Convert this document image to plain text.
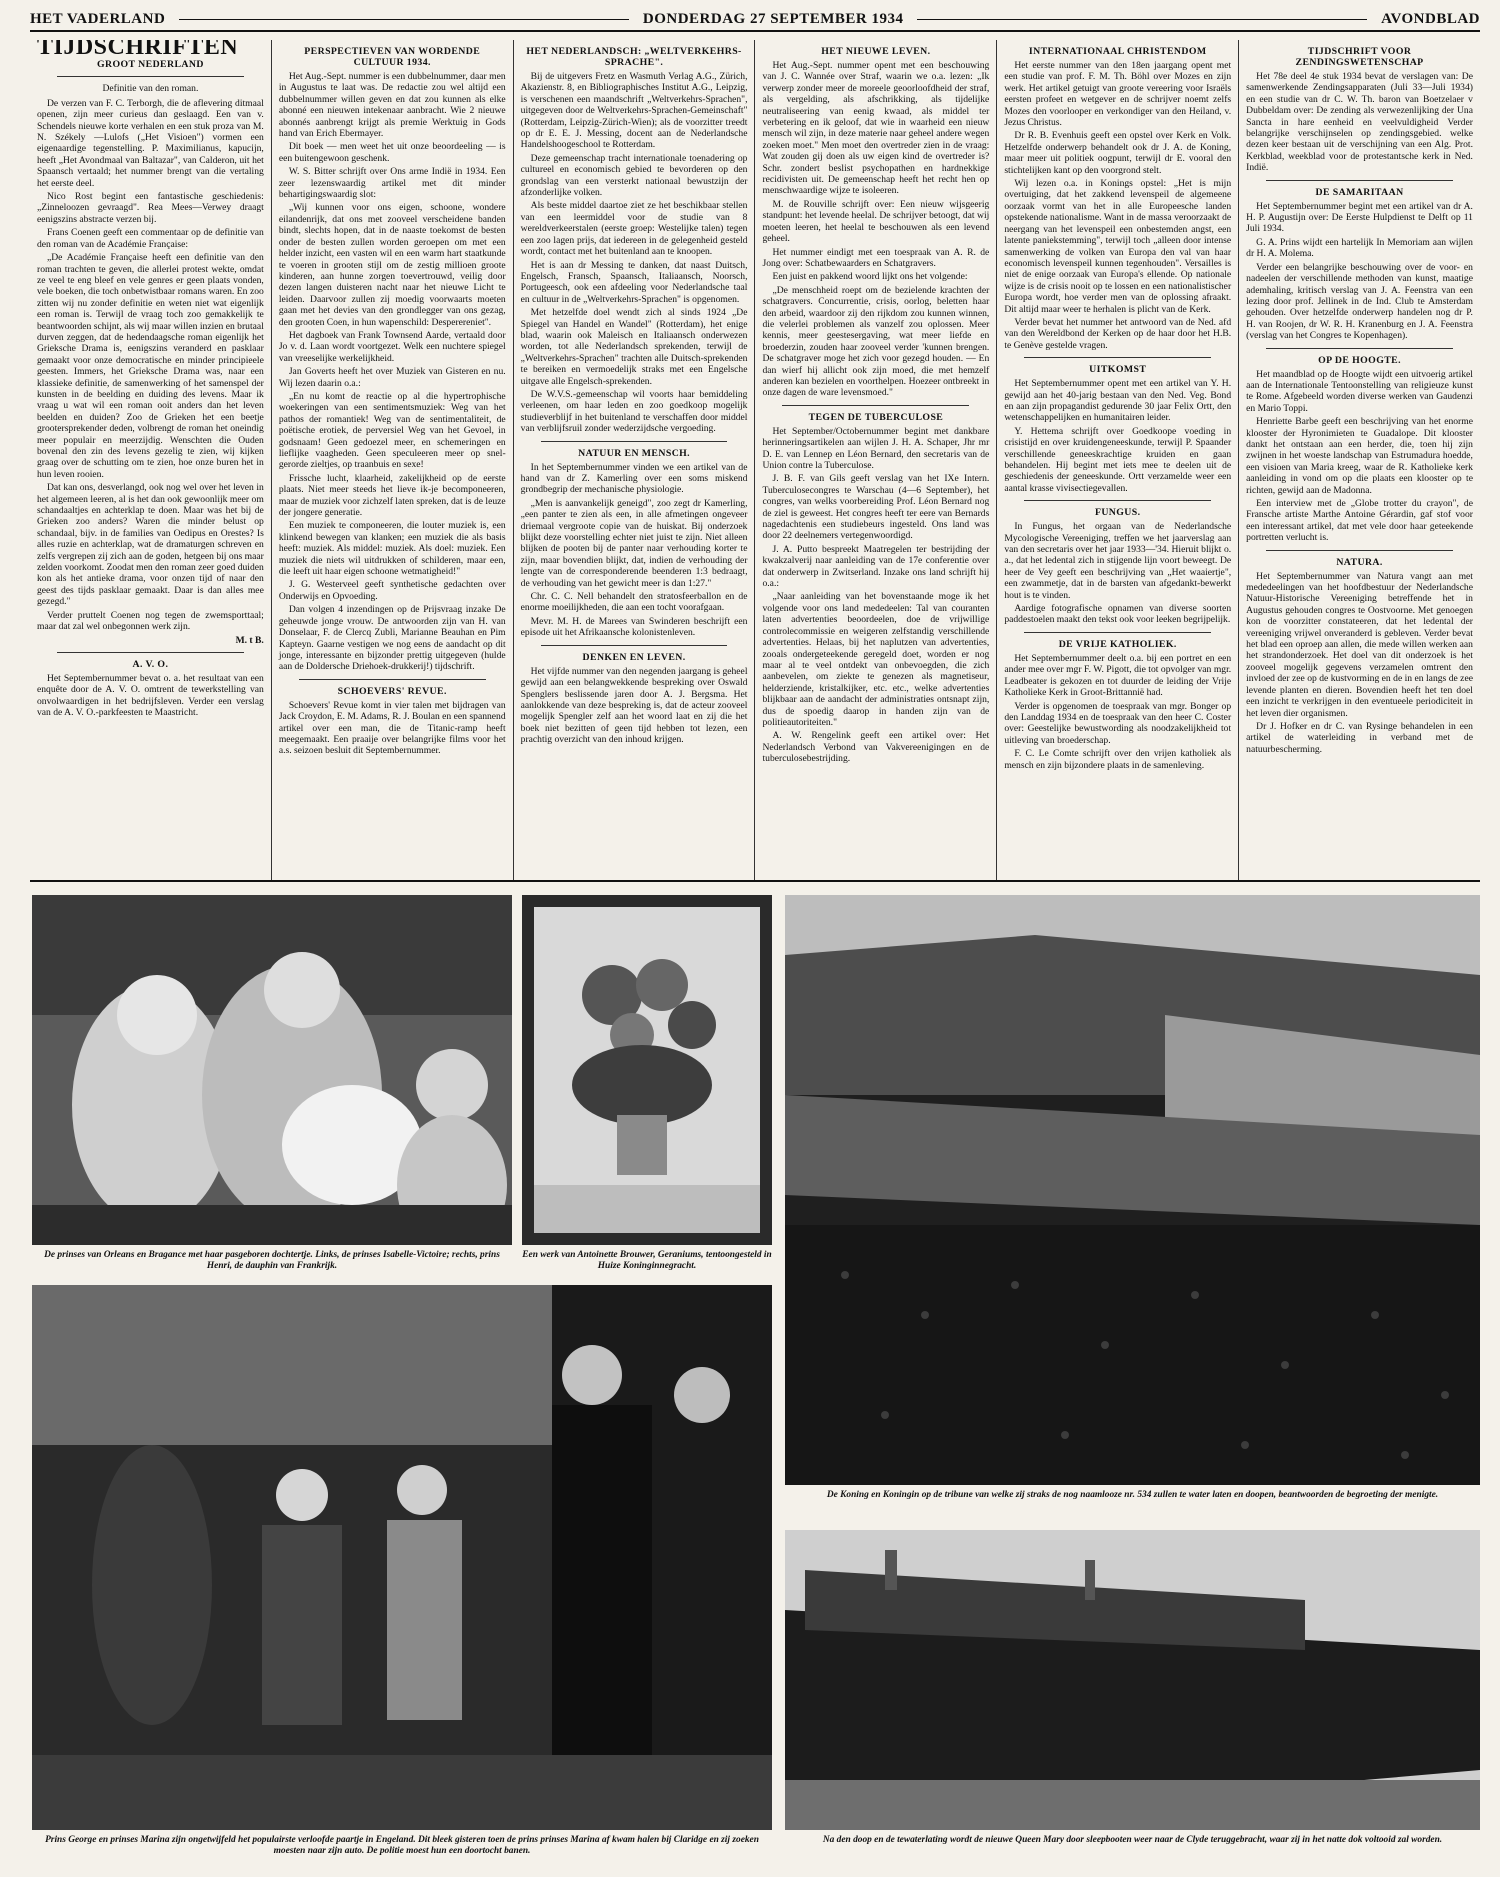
HET VADERLAND	DONDERDAG 27 SEPTEMBER 1934	AVONDBLAD
TIJDSCHRIFTEN
GROOT NEDERLAND
Definitie van den roman.

De verzen van F. C. Terborgh, die de aflevering ditmaal openen, zijn meer curieus dan geslaagd. Een van v. Schendels nieuwe korte verhalen en een stuk proza van M. N. Székely —Lulofs („Het Visioen") vormen een eigenaardige tegenstelling. P. Maximilianus, kapucijn, heeft „Het Avondmaal van Baltazar", van Calderon, uit het Spaansch vertaald; het nummer brengt van die vertaling het eerste deel.

Nico Rost begint een fantastische geschiedenis: „Zinneloozen gevraagd". Rea Mees—Verwey draagt eenigszins abstracte verzen bij.

Frans Coenen geeft een commentaar op de definitie van den roman van de Académie Française:

„De Académie Française heeft een definitie van den roman trachten te geven, die allerlei protest wekte, omdat ze veel te eng bleef en vele genres er geen plaats vonden, vele boeken, die toch onbetwistbaar romans waren. En zoo zitten wij nu zonder definitie en weten niet wat eigenlijk een roman is. Terwijl de vraag toch zoo gemakkelijk te beantwoorden schijnt, als wij maar willen inzien en brutaal durven zeggen, dat de hedendaagsche roman eigenlijk het Grieksche Drama is, eenigszins veranderd en pasklaar gemaakt voor onze democratische en minder principieele geesten. Immers, het Grieksche Drama was, naar een klassieke definitie, de samenwerking of het samenspel der kunsten in de beelding en duiding des levens. Maar ik vraag u wat wil een roman ooit anders dan het leven beelden en duiden? Zoo de Grieken het een beetje grootersprekender deden, volbrengt de roman het oneindig meer populair en meerzijdig. Wenschten die Ouden bovenal den zin des levens gezelig te zien, wij kijken graag over de schutting om te zien, hoe onze buren het in hun leven rooien.

Dat kan ons, desverlangd, ook nog wel over het leven in het algemeen leeren, al is het dan ook gewoonlijk meer om schandaaltjes en achterklap te doen. Maar was het bij de Grieken zoo anders? Waren die minder belust op schandaal, bijv. in de families van Oedipus en Orestes? Is alles ruzie en achterklap, wat de dramaturgen schreven en zelfs vergrepen zij zich aan de goden, hetgeen bij ons maar zelden voorkomt. Zoodat men den roman zeer goed duiden kon als het antieke drama, voor onzen tijd of naar den geest des tijds pasklaar gemaakt. Daar is dan alles mee gezegd."

Verder pruttelt Coenen nog tegen de zwemsporttaal; maar dat zal wel onbegonnen werk zijn.

M. t B.
A. V. O.

Het Septembernummer bevat o. a. het resultaat van een enquête door de A. V. O. omtrent de tewerkstelling van onvolwaardigen in het bedrijfsleven. Verder een verslag van de A. V. O.-parkfeesten te Maastricht.

PERSPECTIEVEN VAN WORDENDE CULTUUR 1934.

Het Aug.-Sept. nummer is een dubbelnummer, daar men in Augustus te laat was. De redactie zou wel altijd een dubbelnummer willen geven en dat zou kunnen als elke abonné een nieuwen intekenaar aanbracht. Wie 2 nieuwe abonnés aanbrengt krijgt als premie Werktuig in Gods hand van Erich Ebermayer.

Dit boek — men weet het uit onze beoordeeling — is een buitengewoon geschenk.

W. S. Bitter schrijft over Ons arme Indië in 1934. Een zeer lezenswaardig artikel met dit minder behartigingswaardig slot:

„Wij kunnen voor ons eigen, schoone, wondere eilandenrijk, dat ons met zooveel verscheidene banden bindt, slechts hopen, dat in de naaste toekomst de besten onder de besten zullen worden geroepen om met een helder inzicht, een vasten wil en een warm hart staatkunde te voeren in grooten stijl om de zestig millioen groote kinderen, aan hunne zorgen toevertrouwd, veilig door dezen langen duisteren nacht naar het nieuwe Licht te leiden. Daarvoor zullen zij moedig voorwaarts moeten gaan met het devies van den grondlegger van ons gezag, den grooten Coen, in hun wapenschild: Desperereniet".

Het dagboek van Frank Townsend Aarde, vertaald door Jo v. d. Laan wordt voortgezet. Welk een nuchtere spiegel van vreeselijke werkelijkheid.

Jan Goverts heeft het over Muziek van Gisteren en nu. Wij lezen daarin o.a.:

„En nu komt de reactie op al die hypertrophische woekeringen van een sentimentsmuziek: Weg van het pathos der romantiek! Weg van de sentimentaliteit, de poëtische erotiek, de perversiel Weg van het Gevoel, in godsnaam! Geen gedoezel meer, en schemeringen en lieflijke vaagheden. Geen speculeeren meer op snel-gerorde zieltjes, op traanbuis en sexe!

Frissche lucht, klaarheid, zakelijkheid op de eerste plaats. Niet meer steeds het lieve ik-je becomponeeren, maar de muziek voor zichzelf laten spreken, dat is de leuze der jongere generatie.

Een muziek te componeeren, die louter muziek is, een klinkend bewegen van klanken; een muziek die als basis heeft: muziek. Als middel: muziek. Als doel: muziek. Een muziek die niets wil uitdrukken of schilderen, maar een, die leeft uit haar eigen schoone wetmatigheid!"

J. G. Westerveel geeft synthetische gedachten over Onderwijs en Opvoeding.

Dan volgen 4 inzendingen op de Prijsvraag inzake De geheuwde jonge vrouw. De antwoorden zijn van H. van Donselaar, F. de Clercq Zubli, Marianne Beauhan en Pim Kapteyn. Gaarne vestigen we nog eens de aandacht op dit jonge, interessante en bijzonder prettig uitgegeven (hulde aan de Doldersche Driehoek-drukkerij!) tijdschrift.

SCHOEVERS' REVUE.

Schoevers' Revue komt in vier talen met bijdragen van Jack Croydon, E. M. Adams, R. J. Boulan en een spannend artikel over een man, die de Titanic-ramp heeft meegemaakt. Een praaije over belangrijke films voor het a.s. seizoen besluit dit Septembernummer.

HET NEDERLANDSCH: „WELTVERKEHRS-SPRACHE".

Bij de uitgevers Fretz en Wasmuth Verlag A.G., Zürich, Akazienstr. 8, en Bibliographisches Institut A.G., Leipzig, is verschenen een maandschrift „Weltverkehrs-Sprachen", uitgegeven door de Weltverkehrs-Sprachen-Gemeinschaft" (Rotterdam, Leipzig-Zürich-Wien); als de voorzitter treedt op dr E. E. J. Messing, docent aan de Nederlandsche Handelshoogeschool te Rotterdam.

Deze gemeenschap tracht internationale toenadering op cultureel en economisch gebied te bevorderen op den grondslag van een versterkt nationaal bewustzijn der afzonderlijke volken.

Als beste middel daartoe ziet ze het beschikbaar stellen van een leermiddel voor de studie van 8 wereldverkeerstalen (eerste groep: Westelijke talen) tegen een zoo lagen prijs, dat iedereen in de gelegenheid gesteld wordt, contact met het buitenland aan te knoopen.

Het is aan dr Messing te danken, dat naast Duitsch, Engelsch, Fransch, Spaansch, Italiaansch, Noorsch, Portugeesch, ook een afdeeling voor Nederlandsche taal en cultuur in de „Weltverkehrs-Sprachen" is opgenomen.

Met hetzelfde doel wendt zich al sinds 1924 „De Spiegel van Handel en Wandel" (Rotterdam), het enige blad, waarin ook Maleisch en Italiaansch onderwezen worden, tot alle Nederlandsch sprekenden, terwijl de „Weltverkehrs-Sprachen" trachten alle Duitsch-sprekenden te bereiken en vermoedelijk straks met een Engelsche uitgave alle Engelsch-sprekenden.

De W.V.S.-gemeenschap wil voorts haar bemiddeling verleenen, om haar leden en zoo goedkoop mogelijk studieverblijf in het buitenland te verschaffen door middel van verblijfsruil zonder wederzijdsche vergoeding.

NATUUR EN MENSCH.

In het Septembernummer vinden we een artikel van de hand van dr Z. Kamerling over een soms miskend grondbegrip der mechanische physiologie.

„Men is aanvankelijk geneigd", zoo zegt dr Kamerling, „een panter te zien als een, in alle afmetingen ongeveer driemaal vergroote copie van de huiskat. Bij onderzoek blijkt deze voorstelling echter niet juist te zijn. Niet alleen blijken de pooten bij de panter naar verhouding korter te zijn, maar bovendien blijkt, dat, indien de verhouding der lengte van de corresponderende beenderen 1:3 bedraagt, de verhouding van het gewicht meer is dan 1:27."

Chr. C. C. Nell behandelt den stratosfeerballon en de enorme moeilijkheden, die aan een tocht voorafgaan.

Mevr. M. H. de Marees van Swinderen beschrijft een episode uit het Afrikaansche kolonistenleven.

DENKEN EN LEVEN.

Het vijfde nummer van den negenden jaargang is geheel gewijd aan een belangwekkende bespreking over Oswald Spenglers beslissende jaren door A. J. Bergsma. Het aanlokkende van deze bespreking is, dat de acteur zooveel mogelijk Spengler zelf aan het woord laat en zij die het boek niet bezitten of geen tijd hebben tot lezen, een prachtig overzicht van den inhoud krijgen.

HET NIEUWE LEVEN.

Het Aug.-Sept. nummer opent met een beschouwing van J. C. Wannée over Straf, waarin we o.a. lezen: „Ik verwerp zonder meer de moreele geoorloofdheid der straf, als vergelding, als afschrikking, als tijdelijke neutraliseering van eenig kwaad, als middel ter verbetering en ik geloof, dat wie in waarheid een nieuw mensch wil zijn, in deze materie naar geheel andere wegen zoeken moet." Men moet den overtreder zien in de vraag: Wat zouden gij doen als uw eigen kind de overtreder is? Schr. zondert beslist psychopathen en hardnekkige recidivisten uit. De gemeenschap heeft het recht hen op menschwaardige wijze te isoleeren.

M. de Rouville schrijft over: Een nieuw wijsgeerig standpunt: het levende heelal. De schrijver betoogt, dat wij moeten leeren, het heelal te beschouwen als een levend geheel.

Het nummer eindigt met een toespraak van A. R. de Jong over: Schatbewaarders en Schatgravers.

Een juist en pakkend woord lijkt ons het volgende:

„De menschheid roept om de bezielende krachten der schatgravers. Concurrentie, crisis, oorlog, beletten haar den arbeid, waardoor zij den rijkdom zou kunnen winnen, die velerlei problemen als vanzelf zou oplossen. Meer kennis, meer geestesergaving, wat meer liefde en broederzin, zouden haar zooveel verder 'kunnen brengen. De schatgraver moge het zich voor gezegd houden. — En dan wierf hij allicht ook zijn moed, die met hemzelf anderen kan bezielen en voorthelpen. Hoezeer ontbreekt in onze dagen de ware levensmoed."

TEGEN DE TUBERCULOSE

Het September/Octobernummer begint met dankbare herinneringsartikelen aan wijlen J. H. A. Schaper, Jhr mr D. E. van Lennep en Léon Bernard, den secretaris van de Union contre la Tuberculose.

J. B. F. van Gils geeft verslag van het IXe Intern. Tuberculosecongres te Warschau (4—6 September), het congres, van welks voorbereiding Prof. Léon Bernard nog de ziel is geweest. Het congres heeft ter eere van Bernards nagedachtenis een studiebeurs ingesteld. Ons land was door 22 deelnemers vertegenwoordigd.

J. A. Putto bespreekt Maatregelen ter bestrijding der kwakzalverij naar aanleiding van de 17e conferentie over dat onderwerp in Zwitserland. Inzake ons land schrijft hij o.a.:

„Naar aanleiding van het bovenstaande moge ik het volgende voor ons land mededeelen: Tal van couranten laten advertenties beoordeelen, doe de vrijwillige controlecommissie en weigeren zelfstandig verschillende advertenties. Helaas, bij het naplutzen van advertenties, zooals ondergeteekende geregeld doet, worden er nog maar al te veel ontdekt van onbevoegden, die zich aanbevelen, om ziekte te genezen als magnetiseur, helderziende, kristalkijker, etc. etc., welke advertenties blijkbaar aan de aandacht der administraties ontsnapt zijn, dus de spoedig daarop in handen zijn van de politieautoriteiten."

A. W. Rengelink geeft een artikel over: Het Nederlandsch Verbond van Vakvereenigingen en de tuberculosebestrijding.

INTERNATIONAAL CHRISTENDOM

Het eerste nummer van den 18en jaargang opent met een studie van prof. F. M. Th. Böhl over Mozes en zijn werk. Het artikel getuigt van groote vereering voor Israëls eersten profeet en wetgever en de schrijver noemt zelfs Mozes den voorlooper en verkondiger van den Heiland, v. Jezus Christus.

Dr R. B. Evenhuis geeft een opstel over Kerk en Volk. Hetzelfde onderwerp behandelt ook dr J. A. de Koning, maar meer uit politiek oogpunt, terwijl dr E. vooral den stichtelijken kant op den voorgrond stelt.

Wij lezen o.a. in Konings opstel: „Het is mijn overtuiging, dat het zakkend levenspeil de algemeene oorzaak vormt van het in alle Europeesche landen opstekende nationalisme. Want in de massa veroorzaakt de neergang van het levenspeil een onbestemden angst, een latente paniekstemming", terwijl toch „alleen door intense samenwerking de volken van Europa den val van haar economisch levenspeil kunnen tegenhouden". Versailles is niet de enige oorzaak van Europa's ellende. Op nationale wijze is de crisis nooit op te lossen en een nationalistischer Europa wordt, hoe verder men van de oplossing afraakt. Dit altijd maar weer te herhalen is plicht van de Kerk.

Verder bevat het nummer het antwoord van de Ned. afd van den Wereldbond der Kerken op de haar door het H.B. te Genève gestelde vragen.

UITKOMST

Het Septembernummer opent met een artikel van Y. H. gewijd aan het 40-jarig bestaan van den Ned. Veg. Bond en aan zijn propagandist gedurende 30 jaar Felix Ortt, den wetenschappelijken en humanitairen leider.

Y. Hettema schrijft over Goedkoope voeding in crisistijd en over kruidengeneeskunde, terwijl P. Spaander verschillende geneeskrachtige kruiden en gaan behandelen. Hij begint met iets mee te deelen uit de geschiedenis der geneeskunde. Ortt verzamelde weer een aantal krasse vivisectiegevallen.

FUNGUS.

In Fungus, het orgaan van de Nederlandsche Mycologische Vereeniging, treffen we het jaarverslag aan van den secretaris over het jaar 1933—'34. Hieruit blijkt o. a., dat het ledental zich in stijgende lijn voort beweegt. De heer de Vey geeft een beschrijving van „Het waaiertje", een zwammetje, dat in de barsten van afgedankt-bewerkt hout is te vinden.

Aardige fotografische opnamen van diverse soorten paddestoelen maakt den tekst ook voor leeken begrijpelijk.

DE VRIJE KATHOLIEK.

Het Septembernummer deelt o.a. bij een portret en een ander mee over mgr F. W. Pigott, die tot opvolger van mgr. Leadbeater is gekozen en tot duurder de leiding der Vrije Katholieke Kerk in Groot-Brittannië had.

Verder is opgenomen de toespraak van mgr. Bonger op den Landdag 1934 en de toespraak van den heer C. Coster over: Geestelijke bewustwording als noodzakelijkheid tot uitleving van broederschap.

F. C. Le Comte schrijft over den vrijen katholiek als mensch en zijn bijzondere plaats in de samenleving.

TIJDSCHRIFT VOOR ZENDINGSWETENSCHAP

Het 78e deel 4e stuk 1934 bevat de verslagen van: De samenwerkende Zendingsapparaten (Juli 33—Juli 1934) en een studie van dr C. W. Th. baron van Boetzelaer v Dubbeldam over: De zending als verwezenlijking der Una Sancta in hare eenheid en veelvuldigheid Verder belangrijke verschijnselen op zendingsgebied. welke dezen keer bestaan uit de verschijning van een Alg. Prot. Kerkblad, weekblad voor de protestantsche kerk in Ned. Indië.

DE SAMARITAAN

Het Septembernummer begint met een artikel van dr A. H. P. Augustijn over: De Eerste Hulpdienst te Delft op 11 Juli 1934.

G. A. Prins wijdt een hartelijk In Memoriam aan wijlen dr H. A. Molema.

Verder een belangrijke beschouwing over de voor- en nadeelen der verschillende methoden van kunst, maatige ademhaling, kritisch verslag van J. A. Feenstra van een lezing door prof. Jellinek in de Ind. Club te Amsterdam gehouden. Over hetzelfde onderwerp handelen nog dr P. H. van Roojen, dr W. R. H. Kranenburg en J. A. Feenstra (verslag van het Congres te Kopenhagen).

OP DE HOOGTE.

Het maandblad op de Hoogte wijdt een uitvoerig artikel aan de Internationale Tentoonstelling van religieuze kunst te Rome. Afgebeeld worden diverse werken van Gaudenzi en Mario Toppi.

Henriette Barbe geeft een beschrijving van het enorme klooster der Hyronimieten te Guadalope. Dit klooster dankt het ontstaan aan een herder, die, toen hij zijn zwijnen in het woeste landschap van Estrumadura hoedde, een visioen van Maria kreeg, waar de R. Katholieke kerk aanleiding in vond om op die plaats een klooster op te richten, gewijd aan de Madonna.

Een interview met de „Globe trotter du crayon", de Fransche artiste Marthe Antoine Gérardin, gaf stof voor een interessant artikel, dat met vele door haar geteekende portretten verlucht is.

NATURA.

Het Septembernummer van Natura vangt aan met mededeelingen van het hoofdbestuur der Nederlandsche Natuur-Historische Vereeniging betreffende het in Augustus gehouden congres te Oostvoorne. Met genoegen kon de voorzitter constateeren, dat het ledental der vereeniging vrijwel onveranderd is gebleven. Verder bevat het blad een oproep aan allen, die mede willen werken aan het strandonderzoek. Het doel van dit onderzoek is het zooveel mogelijk gegevens verzamelen omtrent den invloed der zee op de kustvorming en de in en langs de zee levende planten en dieren. Bovendien heeft het ten doel een inzicht te verkrijgen in den eventueele periodiciteit in het leven dier organismen.

Dr J. Hofker en dr C. van Rysinge behandelen in een artikel de waterleiding in verband met de natuurbescherming.

De prinses van Orleans en Bragance met haar pasgeboren dochtertje. Links, de prinses Isabelle-Victoire; rechts, prins Henri, de dauphin van Frankrijk.
Een werk van Antoinette Brouwer, Geraniums, tentoongesteld in Huize Koninginnegracht.
De Koning en Koningin op de tribune van welke zij straks de nog naamlooze nr. 534 zullen te water laten en doopen, beantwoorden de begroeting der menigte.
Prins George en prinses Marina zijn ongetwijfeld het populairste verloofde paartje in Engeland. Dit bleek gisteren toen de prins prinses Marina af kwam halen bij Claridge en zij zoeken moesten naar zijn auto. De politie moest hun een doortocht banen.
Na den doop en de tewaterlating wordt de nieuwe Queen Mary door sleepbooten weer naar de Clyde teruggebracht, waar zij in het natte dok voltooid zal worden.
